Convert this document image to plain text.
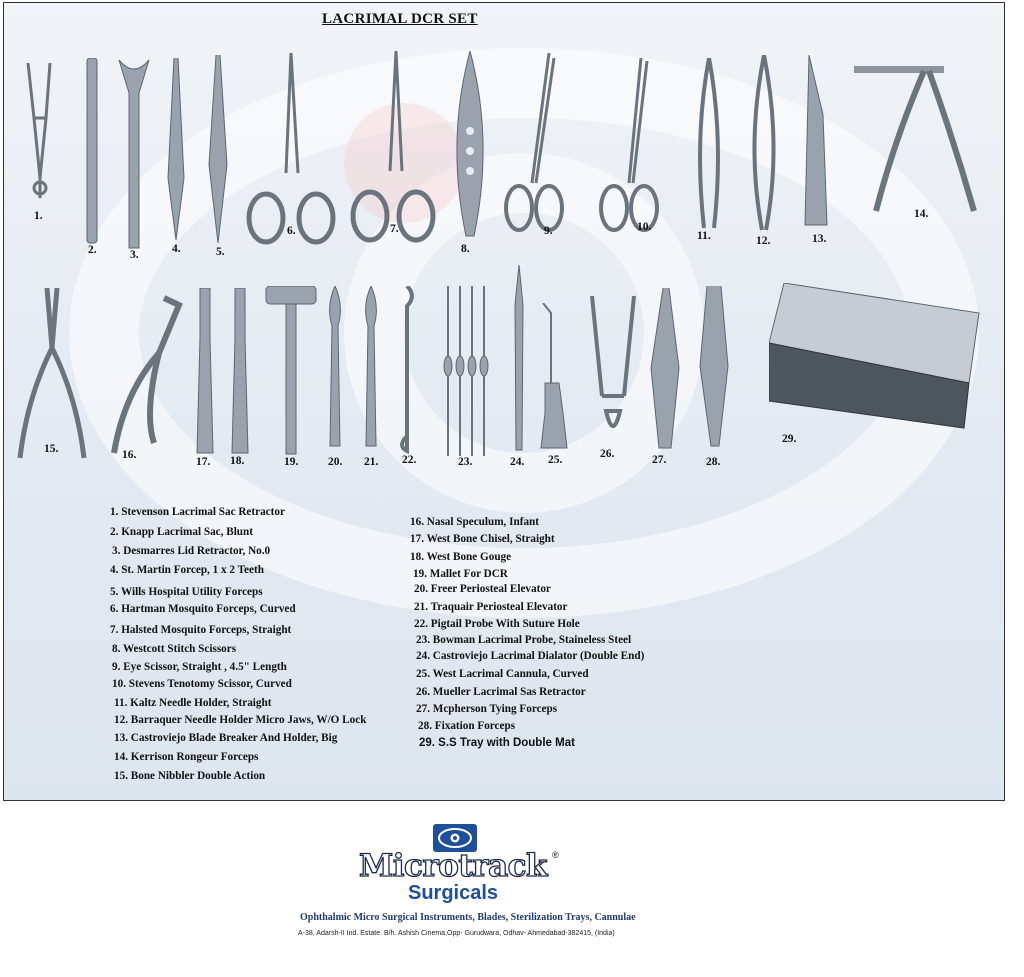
LACRIMAL DCR SET
1.
2.	3.	4.	5.
6.	7.
8.
9.	10.
11.	12.	13.
14.
15.	16.
17. 18.	19.	20. 21. 22.	23.	24. 25.	26.	27.	28.
29.
1. Stevenson Lacrimal Sac Retractor
2. Knapp Lacrimal Sac, Blunt
3. Desmarres Lid Retractor, No.0
4. St. Martin Forcep, 1 x 2 Teeth
5. Wills Hospital Utility Forceps
6. Hartman Mosquito Forceps, Curved
7. Halsted Mosquito Forceps, Straight
8. Westcott Stitch Scissors
9. Eye Scissor, Straight , 4.5" Length
10. Stevens Tenotomy Scissor, Curved
11. Kaltz Needle Holder, Straight
12. Barraquer Needle Holder Micro Jaws, W/O Lock
13. Castroviejo Blade Breaker And Holder, Big
14. Kerrison Rongeur Forceps
15. Bone Nibbler Double Action
16. Nasal Speculum, Infant
17. West Bone Chisel, Straight
18. West Bone Gouge
19. Mallet For DCR
20. Freer Periosteal Elevator
21. Traquair Periosteal Elevator
22. Pigtail Probe With Suture Hole
23. Bowman Lacrimal Probe, Staineless Steel
24. Castroviejo Lacrimal Dialator (Double End)
25. West Lacrimal Cannula, Curved
26. Mueller Lacrimal Sas Retractor
27. Mcpherson Tying Forceps
28. Fixation Forceps
29. S.S Tray with Double Mat
Microtrack ®
Surgicals
Ophthalmic Micro Surgical Instruments, Blades, Sterilization Trays, Cannulae
A-38, Adarsh-II Ind. Estate. B/h. Ashish Cinema,Opp- Gurudwara, Odhav- Ahmedabad-382415, (India)
